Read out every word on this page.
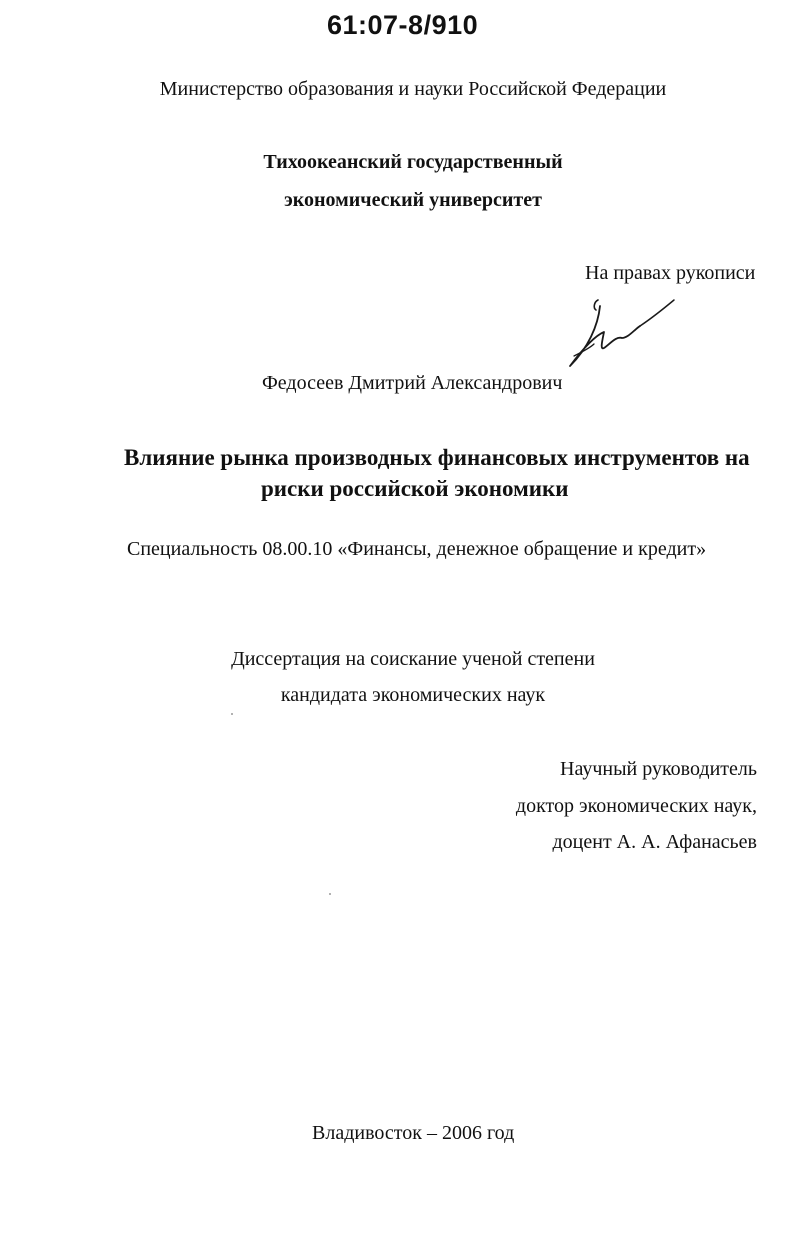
61:07-8/910
Министерство образования и науки Российской Федерации
Тихоокеанский государственный
экономический университет
На правах рукописи
Федосеев Дмитрий Александрович
Влияние рынка производных финансовых инструментов на
риски российской экономики
Специальность 08.00.10 «Финансы, денежное обращение и кредит»
Диссертация на соискание ученой степени
кандидата экономических наук
Научный руководитель
доктор экономических наук,
доцент А. А. Афанасьев
Владивосток – 2006 год
